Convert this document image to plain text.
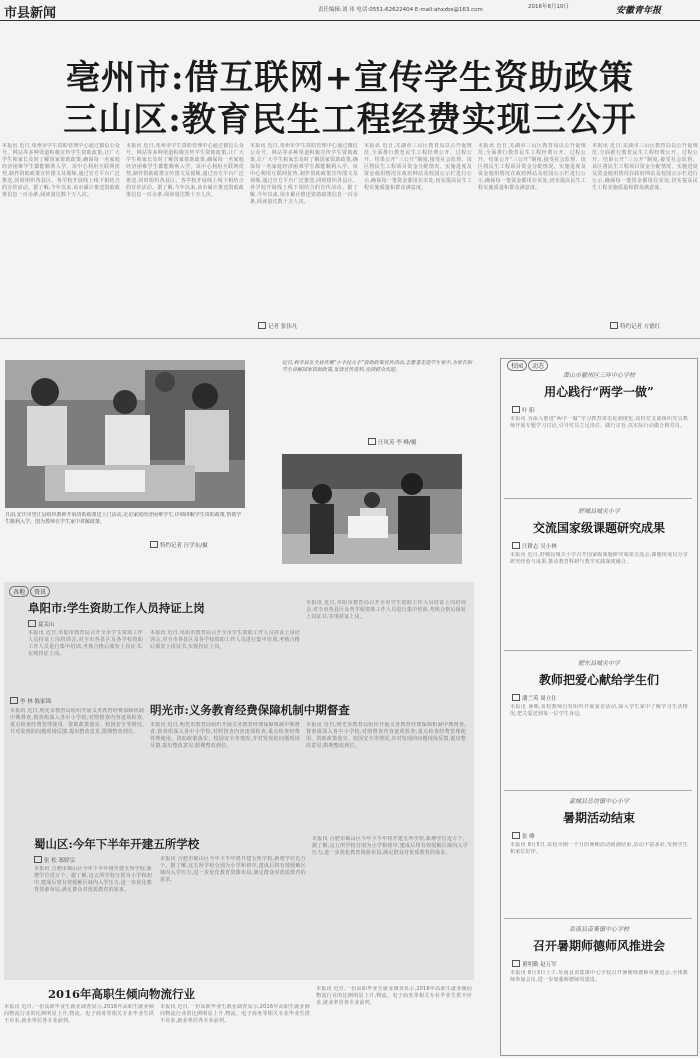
市县新闻	责任编辑:刘 玮 电话:0551-62622404 E-mail:ahxzbs@163.com	2016年8月10日	安徽青年报
亳州市:借互联网+宣传学生资助政策
三山区:教育民生工程经费实现三公开
本报讯 近日,亳州市学生资助管理中心通过微信公众号、网站等多种渠道积极宣传学生资助政策,让广大学生和家长及时了解国家资助政策,确保每一名家庭经济困难学生都能顺利入学。该中心利用互联网优势,制作资助政策宣传图文及视频,通过官方平台广泛推送,同时组织各县区、各学校开展线上线下相结合的宣传活动。据了解,今年以来,该市累计推送资助政策信息一百余条,阅读量达数十万人次。
本报讯 近日,亳州市学生资助管理中心通过微信公众号、网站等多种渠道积极宣传学生资助政策,让广大学生和家长及时了解国家资助政策,确保每一名家庭经济困难学生都能顺利入学。该中心利用互联网优势,制作资助政策宣传图文及视频,通过官方平台广泛推送,同时组织各县区、各学校开展线上线下相结合的宣传活动。据了解,今年以来,该市累计推送资助政策信息一百余条,阅读量达数十万人次。
本报讯 近日,亳州市学生资助管理中心通过微信公众号、网站等多种渠道积极宣传学生资助政策,让广大学生和家长及时了解国家资助政策,确保每一名家庭经济困难学生都能顺利入学。该中心利用互联网优势,制作资助政策宣传图文及视频,通过官方平台广泛推送,同时组织各县区、各学校开展线上线下相结合的宣传活动。据了解,今年以来,该市累计推送资助政策信息一百余条,阅读量达数十万人次。
记者 张伟凡
本报讯 近日,芜湖市三山区教育局以公开促规范,全面推行教育民生工程经费公开、过程公开、结果公开“三公开”制度,接受社会监督。该区将民生工程项目资金分配情况、实施进度及资金使用情况在政府网站及校园公示栏进行公示,确保每一笔资金都用在实处,切实提高民生工程实施质量和群众满意度。
本报讯 近日,芜湖市三山区教育局以公开促规范,全面推行教育民生工程经费公开、过程公开、结果公开“三公开”制度,接受社会监督。该区将民生工程项目资金分配情况、实施进度及资金使用情况在政府网站及校园公示栏进行公示,确保每一笔资金都用在实处,切实提高民生工程实施质量和群众满意度。
本报讯 近日,芜湖市三山区教育局以公开促规范,全面推行教育民生工程经费公开、过程公开、结果公开“三公开”制度,接受社会监督。该区将民生工程项目资金分配情况、实施进度及资金使用情况在政府网站及校园公示栏进行公示,确保每一笔资金都用在实处,切实提高民生工程实施质量和群众满意度。
特约记者 方德红
日前,安庆市望江县组织教师开展资助政策送上门活动,走访家庭经济困难学生,详细讲解学生资助政策,帮助学生顺利入学。图为教师在学生家中讲解政策。
特约记者 汪学东/摄
近日,利辛县在全县开展“小手拉大手”资助政策宣传活动,志愿者走进学生家中,为家长和学生讲解国家资助政策,发放宣传资料,受到群众欢迎。
汪凤英 李 峰/摄
各地 资讯
阜阳市:学生资助工作人员持证上岗
夏关山
本报讯 近日,阜阳市教育局召开全市学生资助工作人员持证上岗培训会,对全市各县区及各学校资助工作人员进行集中培训,考核合格后颁发上岗证书,实现持证上岗。
本报讯 近日,阜阳市教育局召开全市学生资助工作人员持证上岗培训会,对全市各县区及各学校资助工作人员进行集中培训,考核合格后颁发上岗证书,实现持证上岗。
本报讯 近日,阜阳市教育局召开全市学生资助工作人员持证上岗培训会,对全市各县区及各学校资助工作人员进行集中培训,考核合格后颁发上岗证书,实现持证上岗。
李 林 陈家锦
明光市:义务教育经费保障机制中期督查
本报讯 近日,明光市教育局组织开展义务教育经费保障机制中期督查,督查组深入各中小学校,对照督查内容逐项检查,重点检查经费管理使用、资助政策落实、校园安全等情况,并对发现的问题现场反馈,提出整改意见,限期整改到位。
本报讯 近日,明光市教育局组织开展义务教育经费保障机制中期督查,督查组深入各中小学校,对照督查内容逐项检查,重点检查经费管理使用、资助政策落实、校园安全等情况,并对发现的问题现场反馈,提出整改意见,限期整改到位。
本报讯 近日,明光市教育局组织开展义务教育经费保障机制中期督查,督查组深入各中小学校,对照督查内容逐项检查,重点检查经费管理使用、资助政策落实、校园安全等情况,并对发现的问题现场反馈,提出整改意见,限期整改到位。
蜀山区:今年下半年开建五所学校
张 松 郑婷宗
本报讯 合肥市蜀山区今年下半年将开建五所学校,新增学位近万个。据了解,这五所学校分别为小学和初中,建成后将有效缓解区域内入学压力,进一步优化教育资源布局,满足群众对优质教育的需求。
本报讯 合肥市蜀山区今年下半年将开建五所学校,新增学位近万个。据了解,这五所学校分别为小学和初中,建成后将有效缓解区域内入学压力,进一步优化教育资源布局,满足群众对优质教育的需求。
本报讯 合肥市蜀山区今年下半年将开建五所学校,新增学位近万个。据了解,这五所学校分别为小学和初中,建成后将有效缓解区域内入学压力,进一步优化教育资源布局,满足群众对优质教育的需求。
2016年高职生倾向物流行业
本报讯 近日,一份高职毕业生就业调查显示,2016年高职生就业倾向物流行业的比例明显上升,物流、电子商务等相关专业毕业生供不应求,就业率居各专业前列。
本报讯 近日,一份高职毕业生就业调查显示,2016年高职生就业倾向物流行业的比例明显上升,物流、电子商务等相关专业毕业生供不应求,就业率居各专业前列。
本报讯 近日,一份高职毕业生就业调查显示,2016年高职生就业倾向物流行业的比例明显上升,物流、电子商务等相关专业毕业生供不应求,就业率居各专业前列。
校园 动态
黄山市徽州区三环中心学校
用心践行“两学一做”
叶 阳
本报讯 为深入推进“两学一做”学习教育常态化制度化,该校党支部组织党员教师开展专题学习讨论,引导党员立足岗位、践行宗旨,以实际行动做合格党员。
舒城县城关小学
交流国家级课题研究成果
汪耕志 吴小林
本报讯 近日,舒城县城关小学召开国家级课题研究成果交流会,课题组成员分享研究经验与成果,推动教育科研与教学实践深度融合。
肥东县城关中学
教师把爱心献给学生们
潘兰英 周立仕
本报讯 暑期,该校教师自发组织开展家访活动,深入学生家中了解学习生活情况,把关爱送到每一位学生身边。
蒙城县岳坊镇中心小学
暑期活动结束
张 峰
本报讯 8月5日,该校为期一个月的暑期活动圆满结束,活动丰富多彩,受到学生和家长好评。
阜南县苗集镇中心学校
召开暑期师德师风推进会
董明勤 赵万军
本报讯 8月3日上午,阜南县苗集镇中心学校召开暑期师德师风推进会,全体教师参加会议,进一步加强师德师风建设。
